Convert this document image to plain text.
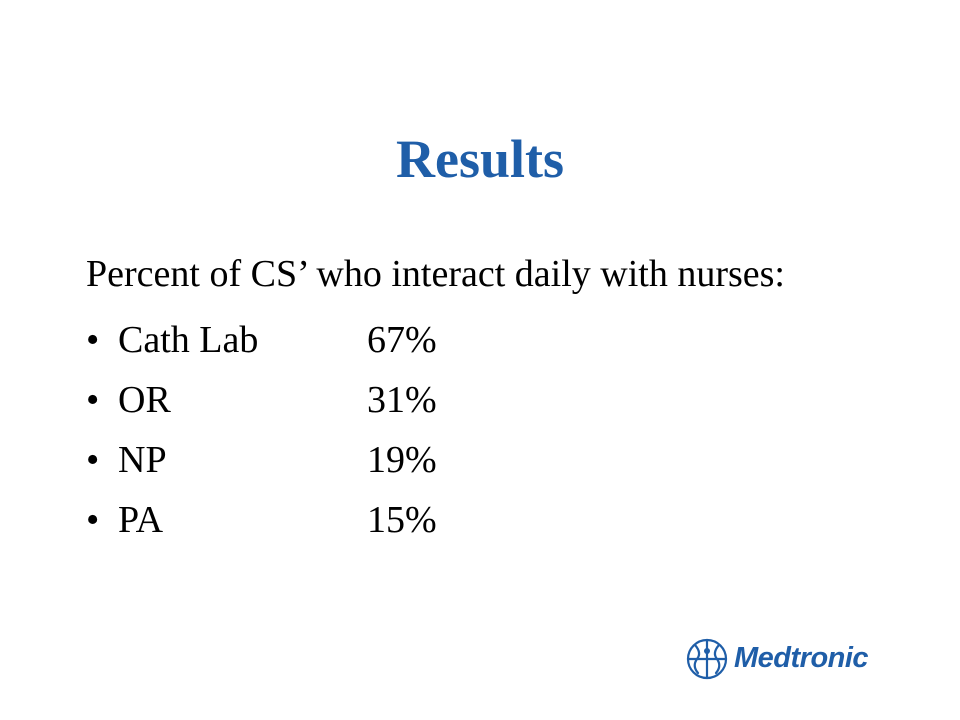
Results
Percent of CS’ who interact daily with nurses:
• Cath Lab	67%
• OR	31%
• NP	19%
• PA	15%
Medtronic
